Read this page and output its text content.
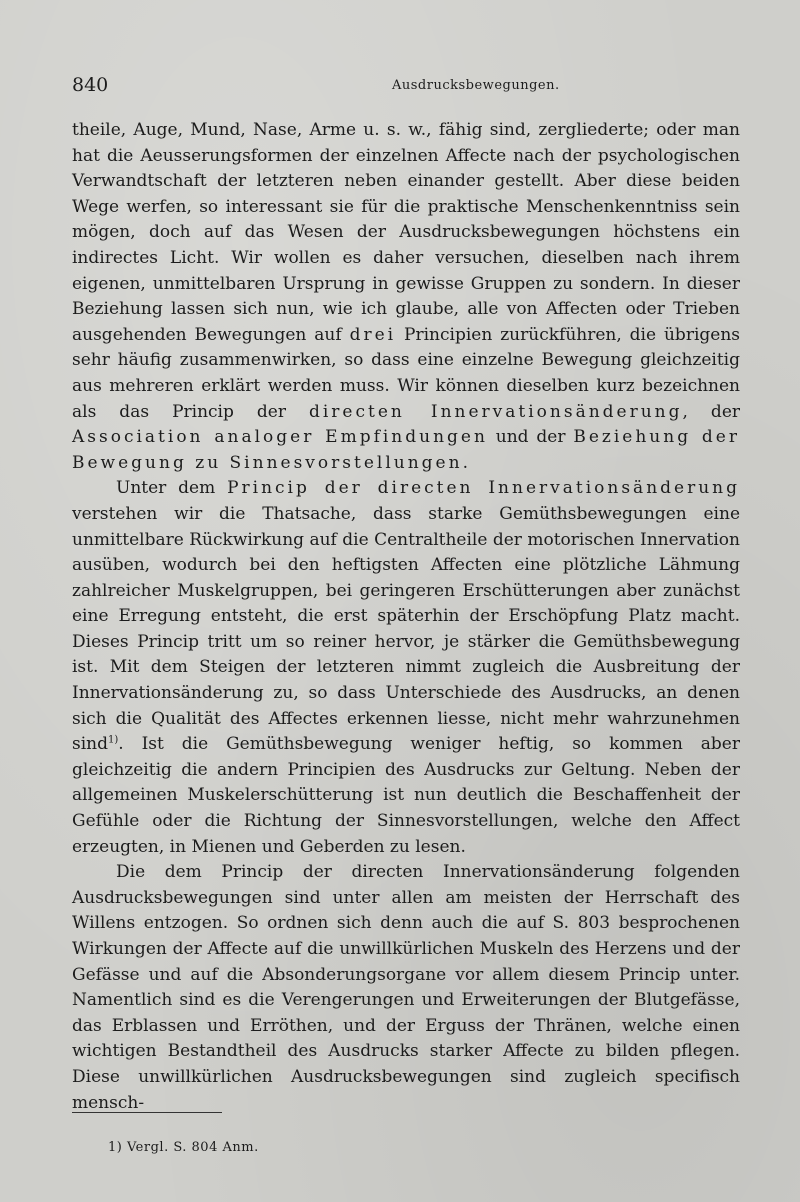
840	Ausdrucksbewegungen.

theile, Auge, Mund, Nase, Arme u. s. w., fähig sind, zergliederte; oder man hat die Aeusserungsformen der einzelnen Affecte nach der psychologischen Verwandtschaft der letzteren neben einander gestellt. Aber diese beiden Wege werfen, so interessant sie für die praktische Menschenkenntniss sein mögen, doch auf das Wesen der Ausdrucksbewegungen höchstens ein indirectes Licht. Wir wollen es daher versuchen, dieselben nach ihrem eigenen, unmittelbaren Ursprung in gewisse Gruppen zu sondern. In dieser Beziehung lassen sich nun, wie ich glaube, alle von Affecten oder Trieben ausgehenden Bewegungen auf drei Principien zurückführen, die übrigens sehr häufig zusammenwirken, so dass eine einzelne Bewegung gleichzeitig aus mehreren erklärt werden muss. Wir können dieselben kurz bezeichnen als das Princip der directen Innervationsänderung, der Association analoger Empfindungen und der Beziehung der Bewegung zu Sinnesvorstellungen.

Unter dem Princip der directen Innervationsänderung verstehen wir die Thatsache, dass starke Gemüthsbewegungen eine unmittelbare Rückwirkung auf die Centraltheile der motorischen Innervation ausüben, wodurch bei den heftigsten Affecten eine plötzliche Lähmung zahlreicher Muskelgruppen, bei geringeren Erschütterungen aber zunächst eine Erregung entsteht, die erst späterhin der Erschöpfung Platz macht. Dieses Princip tritt um so reiner hervor, je stärker die Gemüthsbewegung ist. Mit dem Steigen der letzteren nimmt zugleich die Ausbreitung der Innervationsänderung zu, so dass Unterschiede des Ausdrucks, an denen sich die Qualität des Affectes erkennen liesse, nicht mehr wahrzunehmen sind$^{1)}$. Ist die Gemüthsbewegung weniger heftig, so kommen aber gleichzeitig die andern Principien des Ausdrucks zur Geltung. Neben der allgemeinen Muskelerschütterung ist nun deutlich die Beschaffenheit der Gefühle oder die Richtung der Sinnesvorstellungen, welche den Affect erzeugten, in Mienen und Geberden zu lesen.

Die dem Princip der directen Innervationsänderung folgenden Ausdrucksbewegungen sind unter allen am meisten der Herrschaft des Willens entzogen. So ordnen sich denn auch die auf S. 803 besprochenen Wirkungen der Affecte auf die unwillkürlichen Muskeln des Herzens und der Gefässe und auf die Absonderungsorgane vor allem diesem Princip unter. Namentlich sind es die Verengerungen und Erweiterungen der Blutgefässe, das Erblassen und Erröthen, und der Erguss der Thränen, welche einen wichtigen Bestandtheil des Ausdrucks starker Affecte zu bilden pflegen. Diese unwillkürlichen Ausdrucksbewegungen sind zugleich specifisch mensch-

1) Vergl. S. 804 Anm.
